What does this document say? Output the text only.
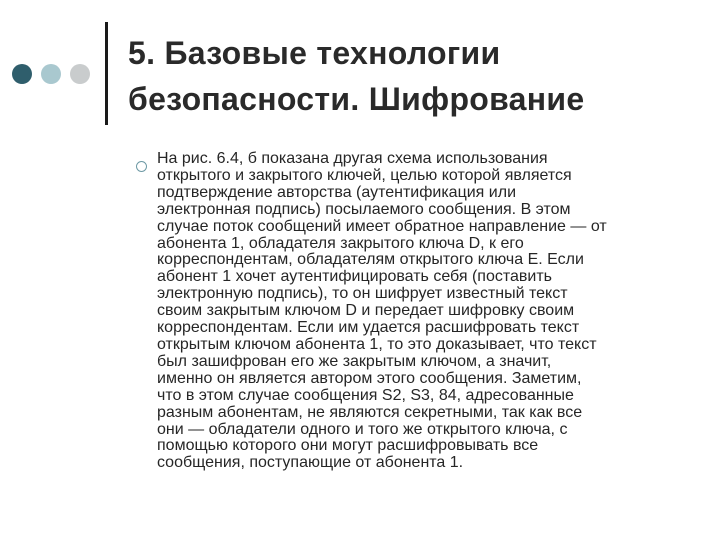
5. Базовые технологии
безопасности. Шифрование

На рис. 6.4, б показана другая схема использования
открытого и закрытого ключей, целью которой является
подтверждение авторства (аутентификация или
электронная подпись) посылаемого сообщения. В этом
случае поток сообщений имеет обратное направление — от
абонента 1, обладателя закрытого ключа D, к его
корреспондентам, обладателям открытого ключа E. Если
абонент 1 хочет аутентифицировать себя (поставить
электронную подпись), то он шифрует известный текст
своим закрытым ключом D и передает шифровку своим
корреспондентам. Если им удается расшифровать текст
открытым ключом абонента 1, то это доказывает, что текст
был зашифрован его же закрытым ключом, а значит,
именно он является автором этого сообщения. Заметим,
что в этом случае сообщения S2, S3, 84, адресованные
разным абонентам, не являются секретными, так как все
они — обладатели одного и того же открытого ключа, с
помощью которого они могут расшифровывать все
сообщения, поступающие от абонента 1.
